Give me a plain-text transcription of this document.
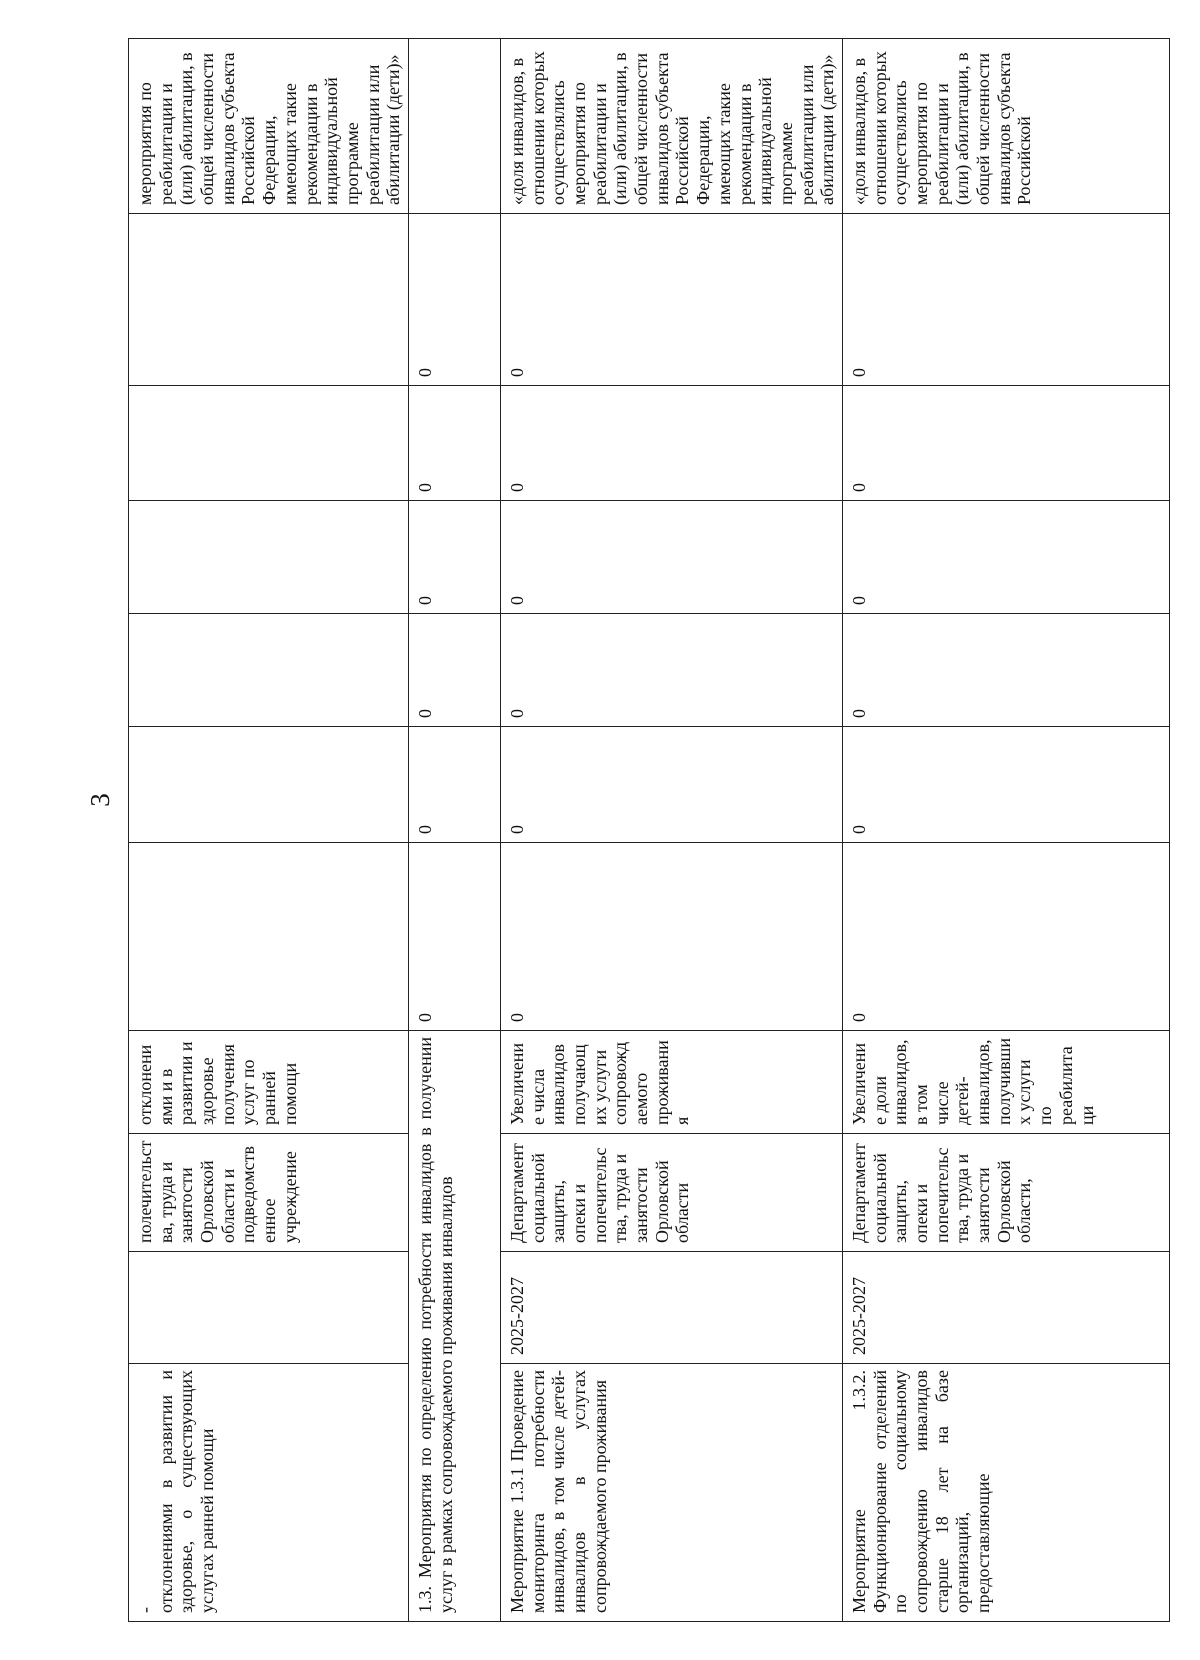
3
-
отклонениями в развитии и здоровье, о существующих услугах ранней помощи		полечительства, труда и занятости Орловской области и подведомственное учреждение	отклонениями и в развитии и здоровье получения услуг по ранней помощи							мероприятия по реабилитации и (или) абилитации, в общей численности инвалидов субъекта Российской Федерации, имеющих такие рекомендации в индивидуальной программе реабилитации или абилитации (дети)»
1.3. Мероприятия по определению потребности инвалидов в получении услуг в рамках сопровождаемого проживания инвалидов				0	0	0	0	0	0	
Мероприятие 1.3.1 Проведение мониторинга потребности инвалидов, в том числе детей-инвалидов в услугах сопровождаемого проживания	2025-2027	Департамент социальной защиты, опеки и попечительства, труда и занятости Орловской области	Увеличение числа инвалидов получающих услуги сопровождаемого проживания	0	0	0	0	0	0	«доля инвалидов, в отношении которых осуществлялись мероприятия по реабилитации и (или) абилитации, в общей численности инвалидов субъекта Российской Федерации, имеющих такие рекомендации в индивидуальной программе реабилитации или абилитации (дети)»
Мероприятие 1.3.2. Функционирование отделений по социальному сопровождению инвалидов старше 18 лет на базе организаций, предоставляющие	2025-2027	Департамент социальной защиты, опеки и попечительства, труда и занятости Орловской области,	Увеличение доли инвалидов, в том числе детей-инвалидов, получивших услуги по реабилитаци	0	0	0	0	0	0	«доля инвалидов, в отношении которых осуществлялись мероприятия по реабилитации и (или) абилитации, в общей численности инвалидов субъекта Российской
